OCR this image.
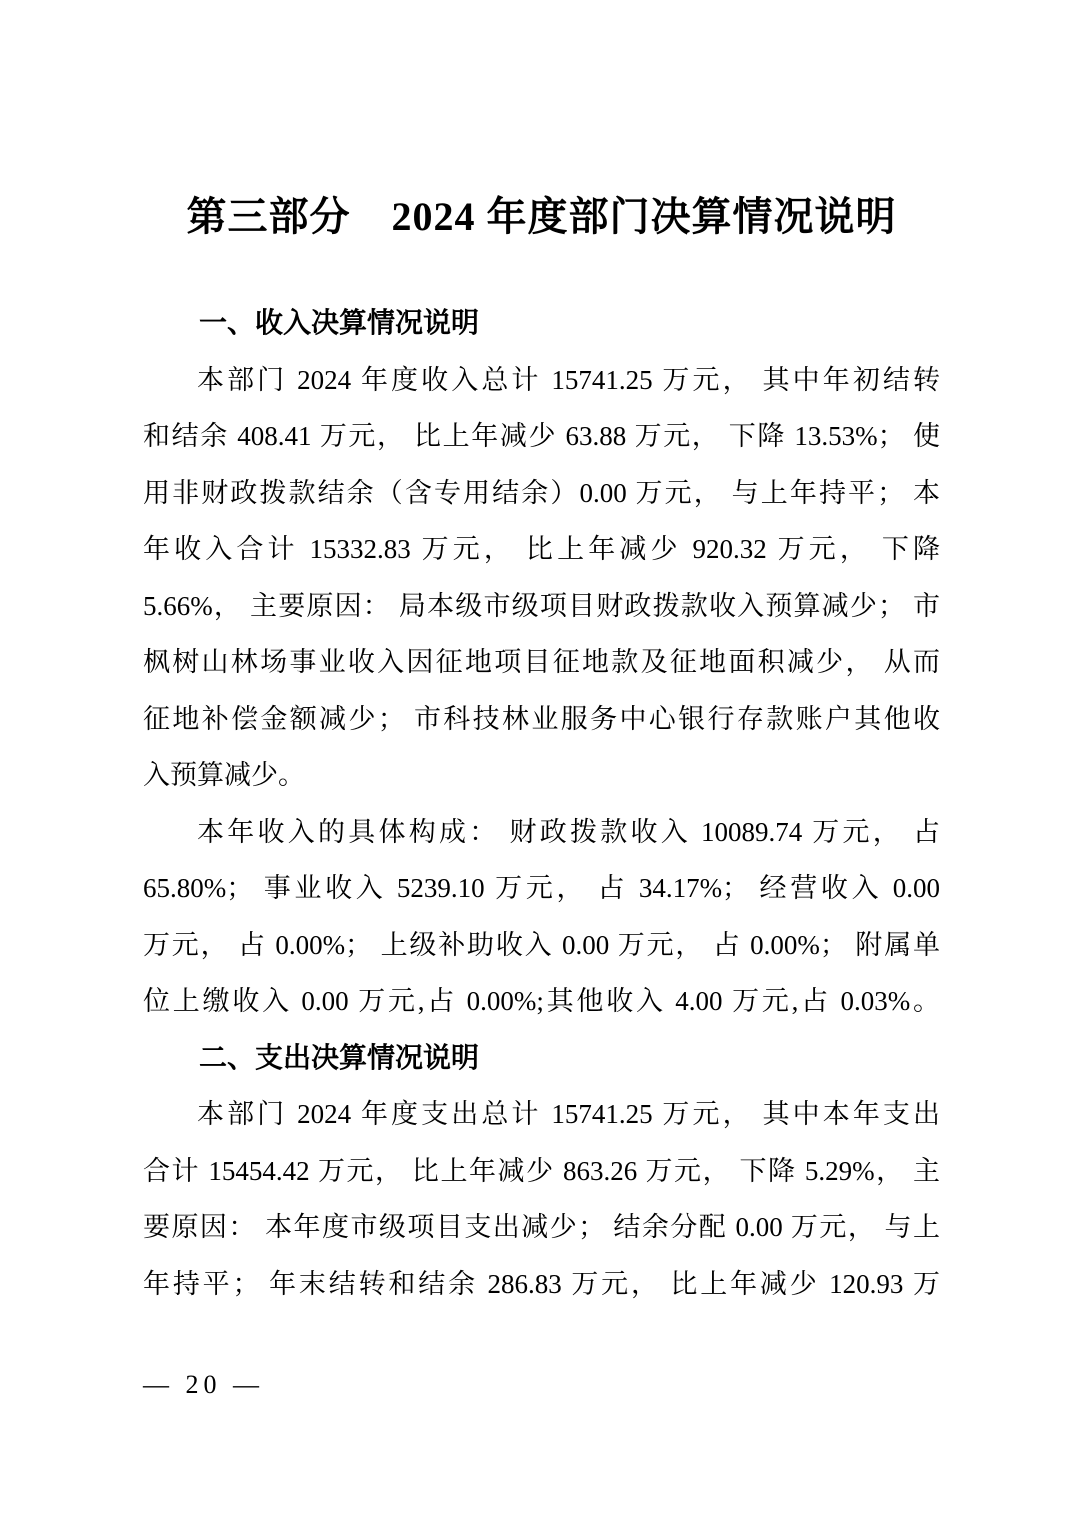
第三部分　2024 年度部门决算情况说明
一、收入决算情况说明
本部门 2024 年度收入总计 15741.25 万元， 其中年初结转
和结余 408.41 万元， 比上年减少 63.88 万元， 下降 13.53%； 使
用非财政拨款结余（含专用结余）0.00 万元， 与上年持平； 本
年收入合计 15332.83 万元， 比上年减少 920.32 万元， 下降
5.66%， 主要原因： 局本级市级项目财政拨款收入预算减少； 市
枫树山林场事业收入因征地项目征地款及征地面积减少， 从而
征地补偿金额减少； 市科技林业服务中心银行存款账户其他收
入预算减少。
本年收入的具体构成： 财政拨款收入 10089.74 万元， 占
65.80%； 事业收入 5239.10 万元， 占 34.17%； 经营收入 0.00
万元， 占 0.00%； 上级补助收入 0.00 万元， 占 0.00%； 附属单
位上缴收入 0.00 万元,占 0.00%;其他收入 4.00 万元,占 0.03%。
二、支出决算情况说明
本部门 2024 年度支出总计 15741.25 万元， 其中本年支出
合计 15454.42 万元， 比上年减少 863.26 万元， 下降 5.29%， 主
要原因： 本年度市级项目支出减少； 结余分配 0.00 万元， 与上
年持平； 年末结转和结余 286.83 万元， 比上年减少 120.93 万
— 20 —
